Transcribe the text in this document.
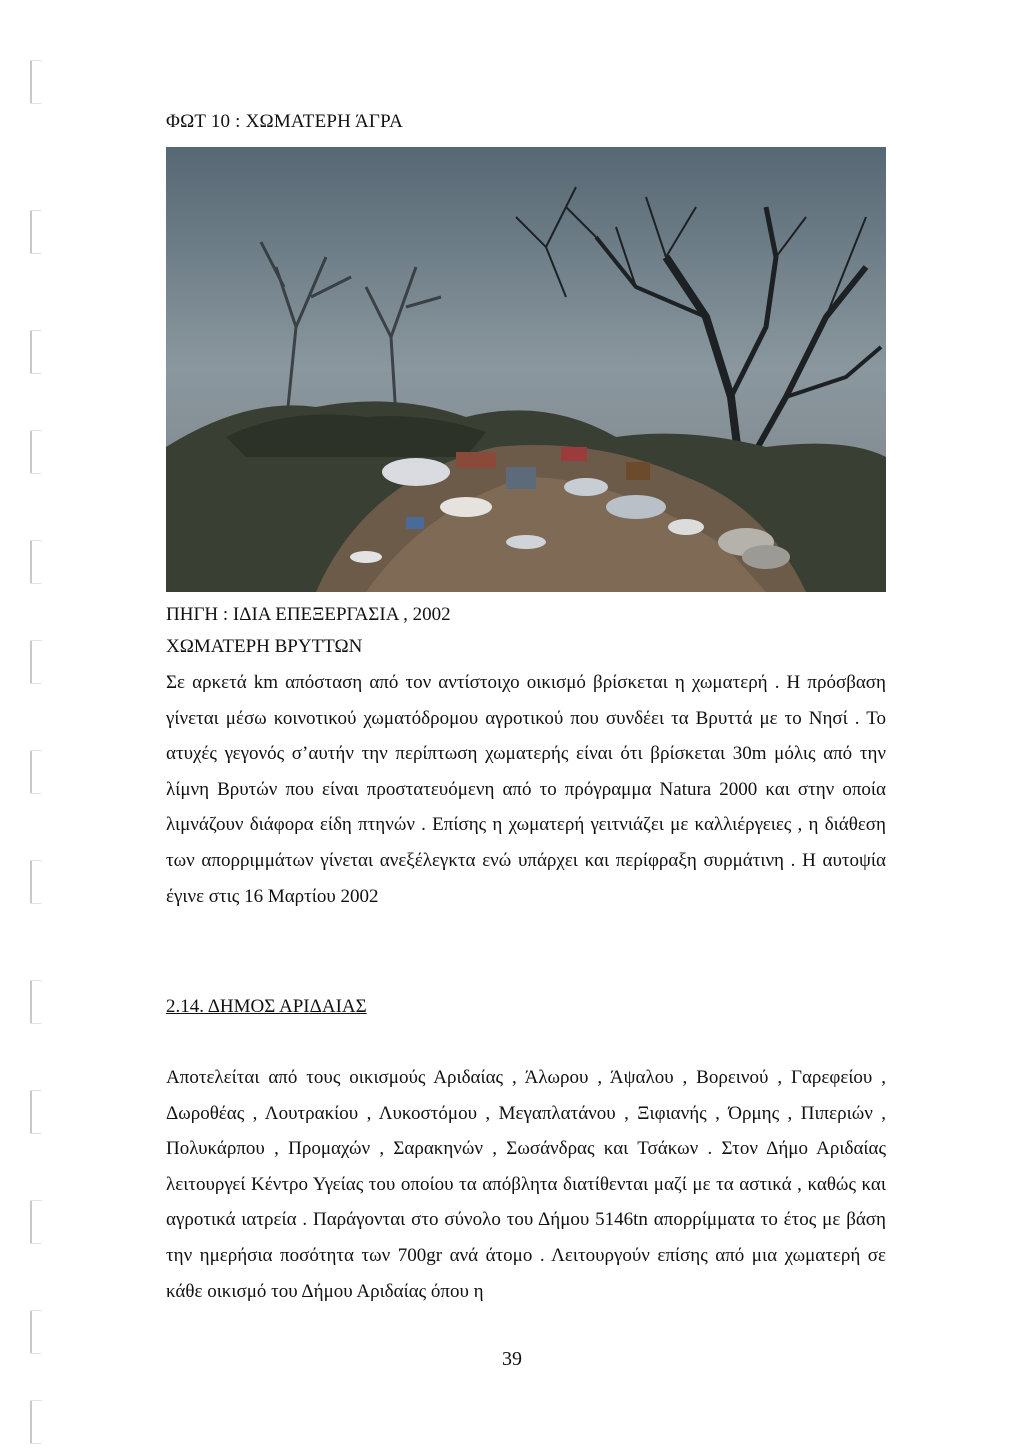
ΦΩΤ 10 : ΧΩΜΑΤΕΡΗ ΆΓΡΑ
ΠΗΓΗ : ΙΔΙΑ ΕΠΕΞΕΡΓΑΣΙΑ , 2002
ΧΩΜΑΤΕΡΗ ΒΡΥΤΤΩΝ
Σε αρκετά km απόσταση από τον αντίστοιχο οικισμό βρίσκεται η χωματερή . Η πρόσβαση γίνεται μέσω κοινοτικού χωματόδρομου αγροτικού που συνδέει τα Βρυττά με το Νησί . Το ατυχές γεγονός σ’αυτήν την περίπτωση χωματερής είναι ότι βρίσκεται 30m μόλις από την λίμνη Βρυτών που είναι προστατευόμενη από το πρόγραμμα Natura 2000 και στην οποία λιμνάζουν διάφορα είδη πτηνών . Επίσης η χωματερή γειτνιάζει με καλλιέργειες , η διάθεση των απορριμμάτων γίνεται ανεξέλεγκτα ενώ υπάρχει και περίφραξη συρμάτινη . Η αυτοψία έγινε στις 16 Μαρτίου 2002
2.14. ΔΗΜΟΣ ΑΡΙΔΑΙΑΣ
Αποτελείται από τους οικισμούς Αριδαίας , Άλωρου , Άψαλου , Βορεινού , Γαρεφείου , Δωροθέας , Λουτρακίου , Λυκοστόμου , Μεγαπλατάνου , Ξιφιανής , Όρμης , Πιπεριών , Πολυκάρπου , Προμαχών , Σαρακηνών , Σωσάνδρας και Τσάκων . Στον Δήμο Αριδαίας λειτουργεί Κέντρο Υγείας του οποίου τα απόβλητα διατίθενται μαζί με τα αστικά , καθώς και αγροτικά ιατρεία . Παράγονται στο σύνολο του Δήμου 5146tn απορρίμματα το έτος με βάση την ημερήσια ποσότητα των 700gr ανά άτομο . Λειτουργούν επίσης από μια χωματερή σε κάθε οικισμό του Δήμου Αριδαίας όπου η
39
